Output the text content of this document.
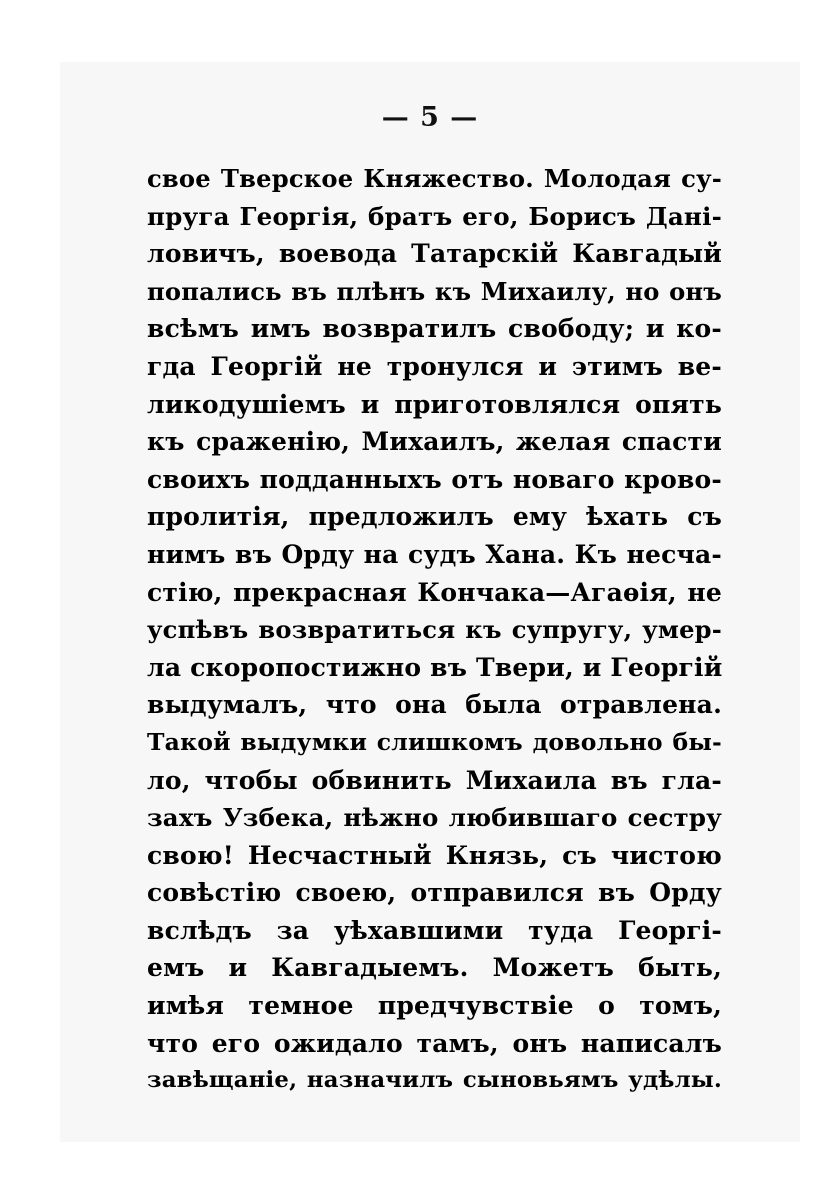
— 5 —
свое Тверское Княжество. Молодая су-
пруга Георгія, братъ его, Борисъ Дані-
ловичъ, воевода Татарскій Кавгадый
попались въ плѣнъ къ Михаилу, но онъ
всѣмъ имъ возвратилъ свободу; и ко-
гда Георгій не тронулся и этимъ ве-
ликодушіемъ и приготовлялся опять
къ сраженію, Михаилъ, желая спасти
своихъ подданныхъ отъ новаго крово-
пролитія, предложилъ ему ѣхать съ
нимъ въ Орду на судъ Хана. Къ несча-
стію, прекрасная Кончака—Агаѳія, не
успѣвъ возвратиться къ супругу, умер-
ла скоропостижно въ Твери, и Георгій
выдумалъ, что она была отравлена.
Такой выдумки слишкомъ довольно бы-
ло, чтобы обвинить Михаила въ гла-
захъ Узбека, нѣжно любившаго сестру
свою! Несчастный Князь, съ чистою
совѣстію своею, отправился въ Орду
вслѣдъ за уѣхавшими туда Георгі-
емъ и Кавгадыемъ. Можетъ быть,
имѣя темное предчувствіе о томъ,
что его ожидало тамъ, онъ написалъ
завѣщаніе, назначилъ сыновьямъ удѣлы.
